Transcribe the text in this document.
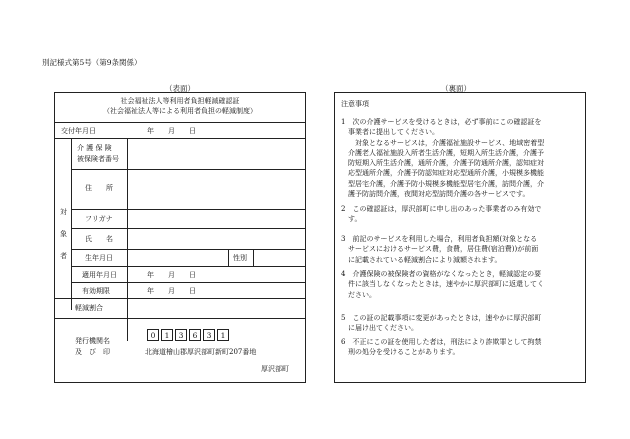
別記様式第5号（第9条関係）
（表面）	（裏面）
社会福祉法人等利用者負担軽減確認証
（社会福祉法人等による利用者負担の軽減制度）
交付年月日	年　　月　　日
対
象
者
介 護 保 険
被保険者番号
住　　所
フリガナ
氏　　名
生年月日	性別
適用年月日	年　　月　　日
有効期限	年　　月　　日
軽減割合
発行機関名
及　び　印
0	1	3	6	3	1
北海道檜山郡厚沢部町新町207番地
厚沢部町
注意事項
1　次の介護サービスを受けるときは，必ず事前にこの確認証を
　事業者に提出してください。
　　対象となるサービスは，介護福祉施設サービス、地域密着型
　介護老人福祉施設入所者生活介護，短期入所生活介護，介護予
　防短期入所生活介護，通所介護，介護予防通所介護，認知症対
　応型通所介護，介護予防認知症対応型通所介護，小規模多機能
　型居宅介護，介護予防小規模多機能型居宅介護，訪問介護，介
　護予防訪問介護，夜間対応型訪問介護の各サービスです。
2　この確認証は，厚沢部町に申し出のあった事業者のみ有効で
　す。
3　前記のサービスを利用した場合，利用者負担額(対象となる
　サービスにおけるサービス費，食費，居住費(宿泊費))が前面
　に記載されている軽減割合により減額されます。
4　介護保険の被保険者の資格がなくなったとき，軽減認定の要
　件に該当しなくなったときは，速やかに厚沢部町に返還してく
　ださい。
5　この証の記載事項に変更があったときは，速やかに厚沢部町
　に届け出てください。
6　不正にこの証を使用した者は，刑法により詐欺罪として拘禁
　刑の処分を受けることがあります。
